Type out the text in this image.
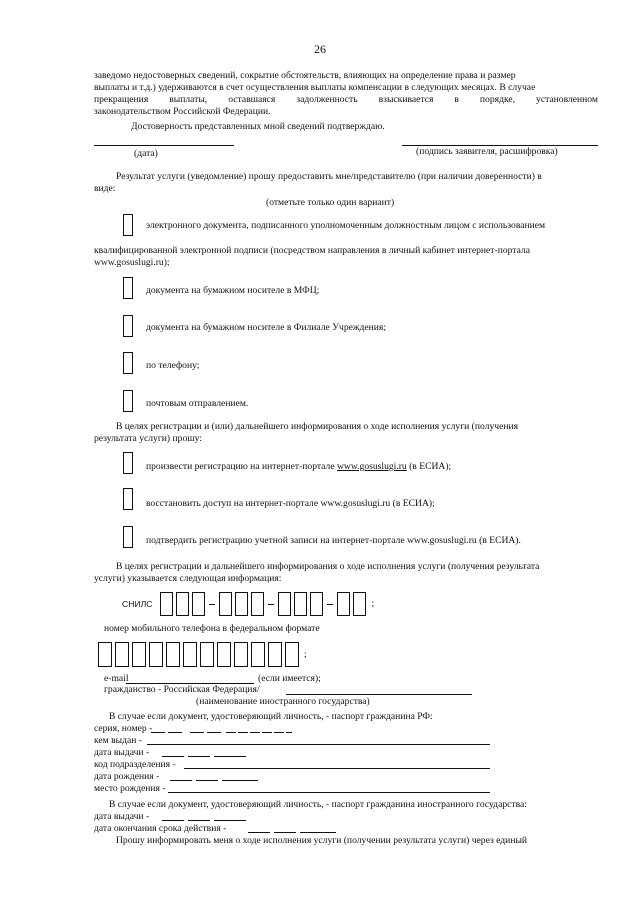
26
заведомо недостоверных сведений, сокрытие обстоятельств, влияющих на определение права и размер
выплаты и т.д.) удерживаются в счет осуществления выплаты компенсации в следующих месяцах. В случае
прекращения выплаты, оставшаяся задолженность взыскивается в порядке, установленном
законодательством Российской Федерации.
Достоверность представленных мной сведений подтверждаю.
(дата)	(подпись заявителя, расшифровка)
Результат услуги (уведомление) прошу предоставить мне/представителю (при наличии доверенности) в
виде:
(отметьте только один вариант)
электронного документа, подписанного уполномоченным должностным лицом с использованием
квалифицированной электронной подписи (посредством направления в личный кабинет интернет-портала
www.gosuslugi.ru);
документа на бумажном носителе в МФЦ;
документа на бумажном носителе в Филиале Учреждения;
по телефону;
почтовым отправлением.
В целях регистрации и (или) дальнейшего информирования о ходе исполнения услуги (получения
результата услуги) прошу:
произвести регистрацию на интернет-портале www.gosuslugi.ru (в ЕСИА);
восстановить доступ на интернет-портале www.gosuslugi.ru (в ЕСИА);
подтвердить регистрацию учетной записи на интернет-портале www.gosuslugi.ru (в ЕСИА).
В целях регистрации и дальнейшего информирования о ходе исполнения услуги (получения результата
услуги) указывается следующая информация:
СНИЛС	;
номер мобильного телефона в федеральном формате
;
e-mail	(если имеется);
гражданство - Российская Федерация/
(наименование иностранного государства)
В случае если документ, удостоверяющий личность, - паспорт гражданина РФ:
серия, номер -
кем выдан -
дата выдачи -
код подразделения -
дата рождения -
место рождения -
В случае если документ, удостоверяющий личность, - паспорт гражданина иностранного государства:
дата выдачи -
дата окончания срока действия -
Прошу информировать меня о ходе исполнения услуги (получении результата услуги) через единый
